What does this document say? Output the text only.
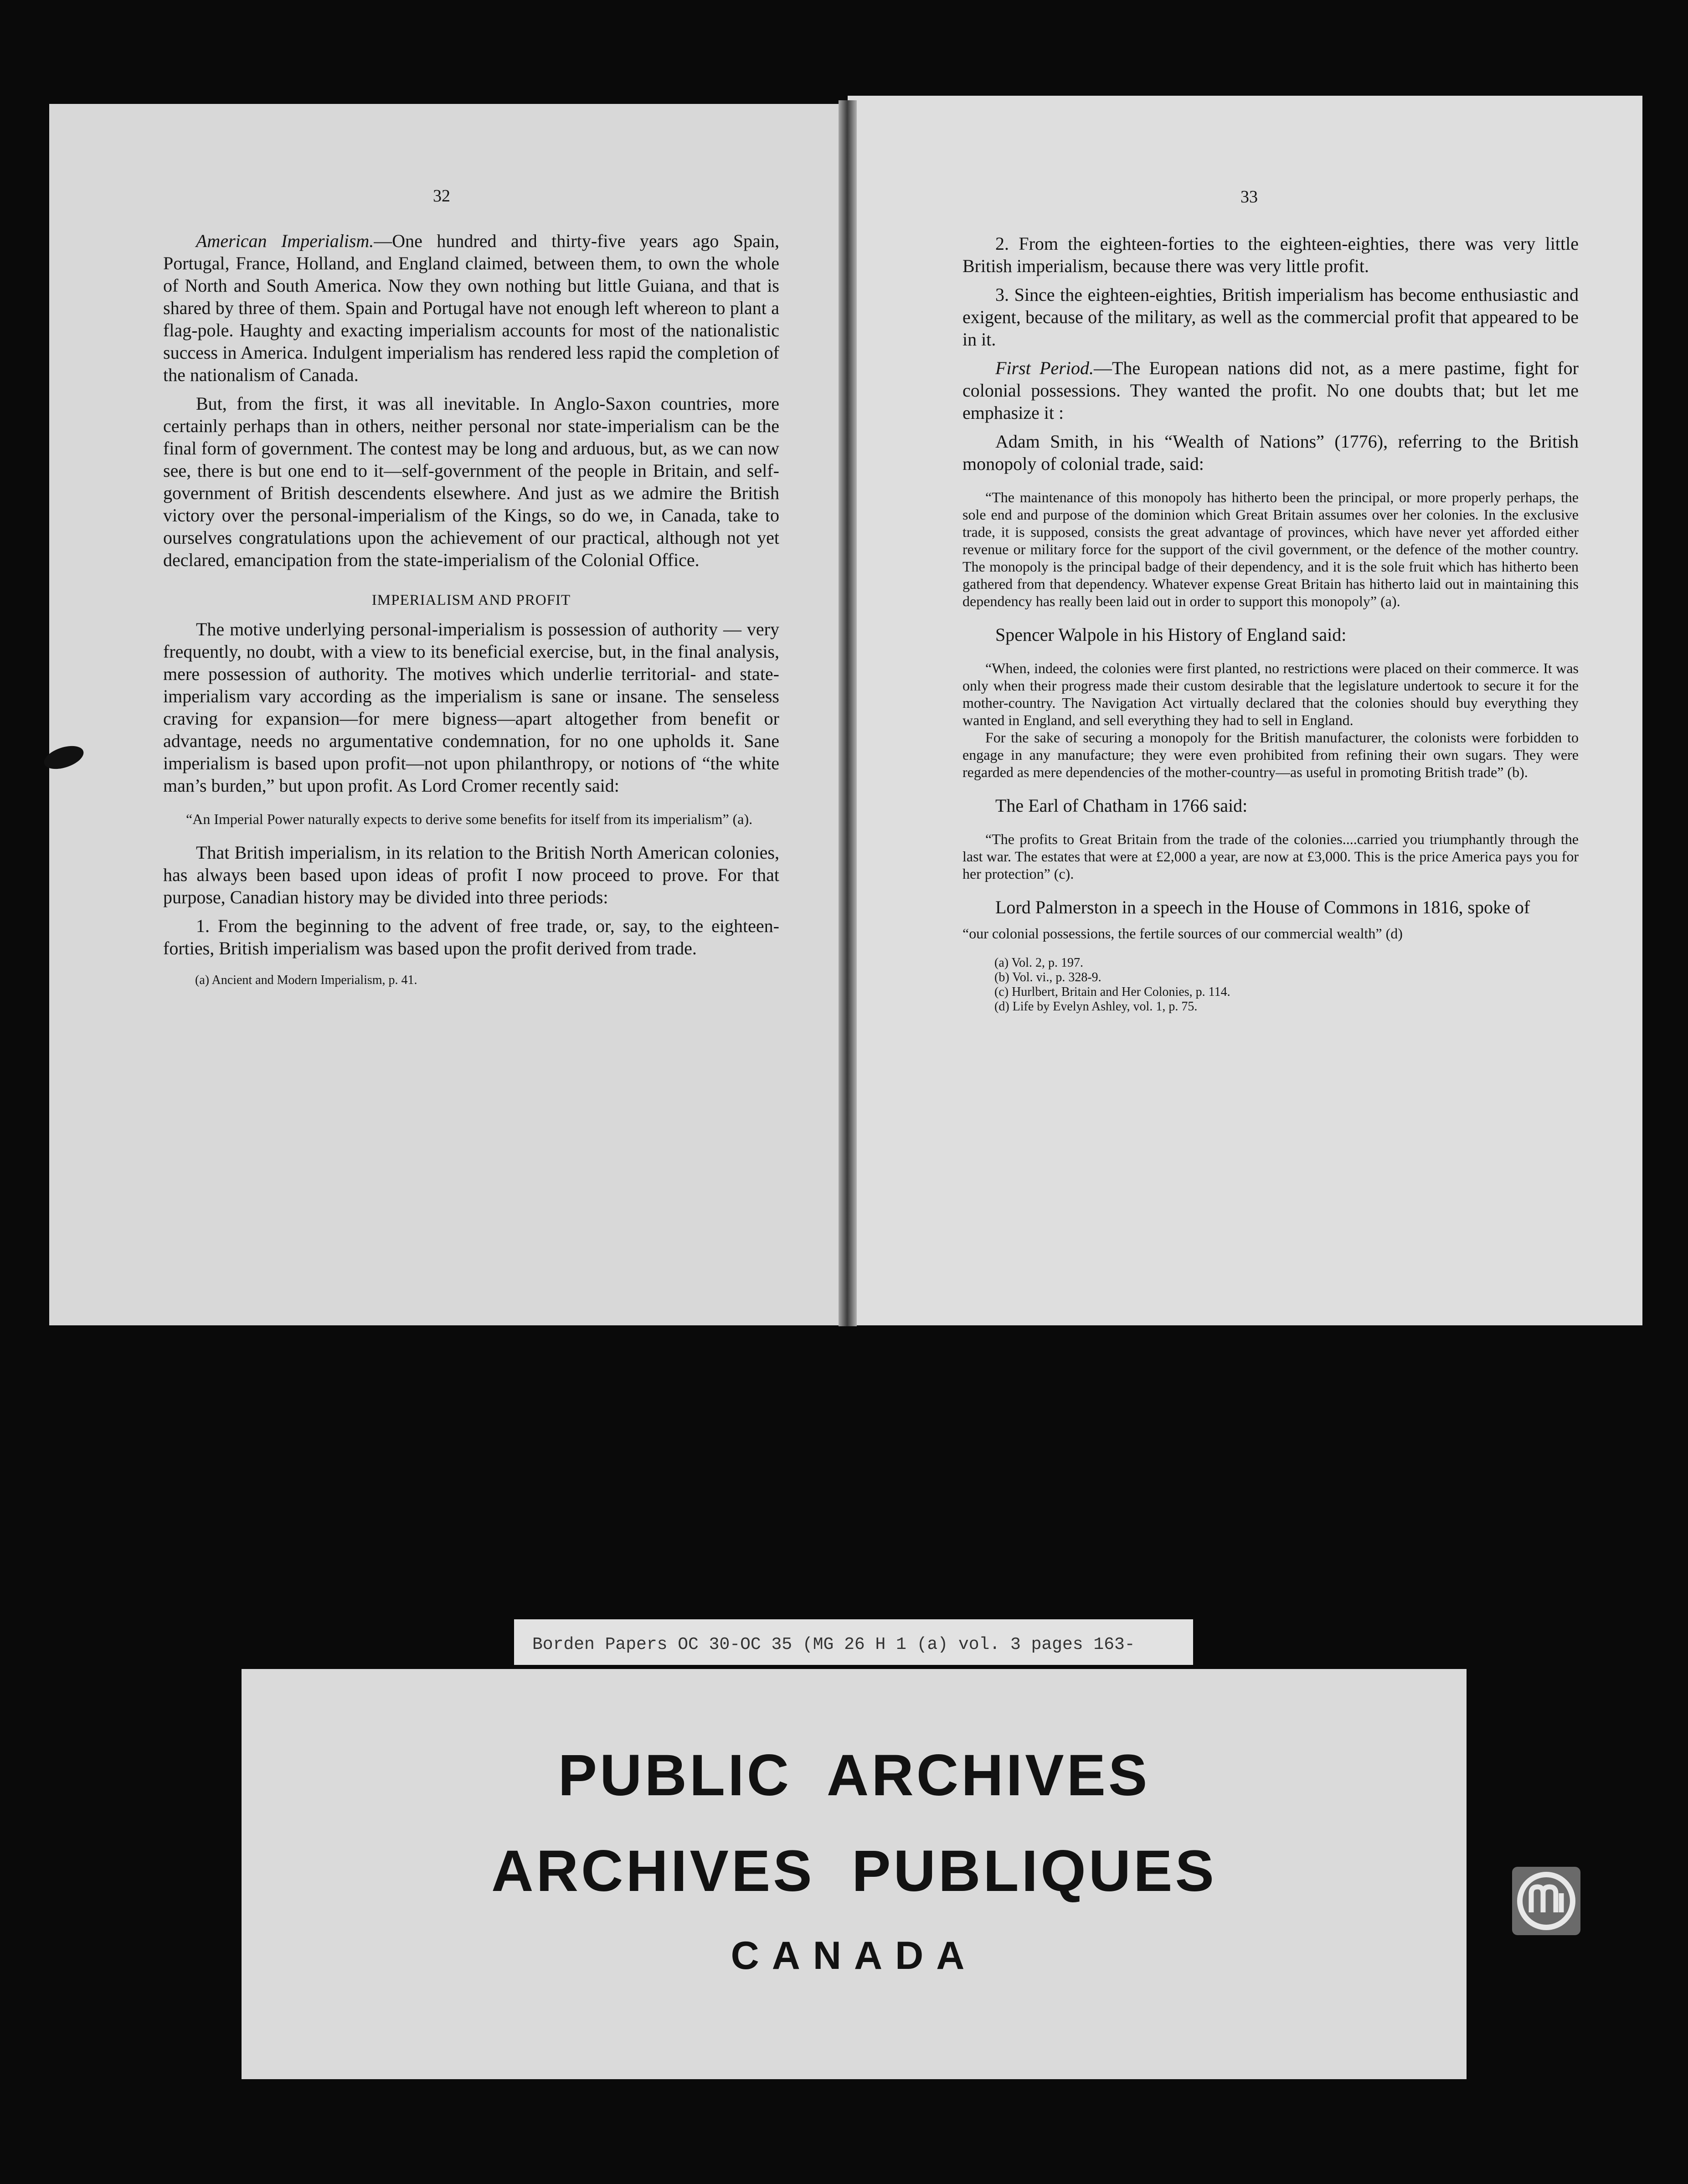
32

American Imperialism.—One hundred and thirty-five years ago Spain, Portugal, France, Holland, and England claimed, between them, to own the whole of North and South America. Now they own nothing but little Guiana, and that is shared by three of them. Spain and Portugal have not enough left whereon to plant a flag-pole. Haughty and exacting imperialism accounts for most of the nationalistic success in America. Indulgent imperialism has rendered less rapid the completion of the nationalism of Canada.

But, from the first, it was all inevitable. In Anglo-Saxon countries, more certainly perhaps than in others, neither personal nor state-imperialism can be the final form of government. The contest may be long and arduous, but, as we can now see, there is but one end to it—self-government of the people in Britain, and self-government of British descendents elsewhere. And just as we admire the British victory over the personal-imperialism of the Kings, so do we, in Canada, take to ourselves congratulations upon the achievement of our practical, although not yet declared, emancipation from the state-imperialism of the Colonial Office.

IMPERIALISM AND PROFIT

The motive underlying personal-imperialism is possession of authority — very frequently, no doubt, with a view to its beneficial exercise, but, in the final analysis, mere possession of authority. The motives which underlie territorial- and state-imperialism vary according as the imperialism is sane or insane. The senseless craving for expansion—for mere bigness—apart altogether from benefit or advantage, needs no argumentative condemnation, for no one upholds it. Sane imperialism is based upon profit—not upon philanthropy, or notions of “the white man’s burden,” but upon profit. As Lord Cromer recently said:

“An Imperial Power naturally expects to derive some benefits for itself from its imperialism” (a).

That British imperialism, in its relation to the British North American colonies, has always been based upon ideas of profit I now proceed to prove. For that purpose, Canadian history may be divided into three periods:

1. From the beginning to the advent of free trade, or, say, to the eighteen-forties, British imperialism was based upon the profit derived from trade.

(a) Ancient and Modern Imperialism, p. 41.
33

2. From the eighteen-forties to the eighteen-eighties, there was very little British imperialism, because there was very little profit.

3. Since the eighteen-eighties, British imperialism has become enthusiastic and exigent, because of the military, as well as the commercial profit that appeared to be in it.

First Period.—The European nations did not, as a mere pastime, fight for colonial possessions. They wanted the profit. No one doubts that; but let me emphasize it :

Adam Smith, in his “Wealth of Nations” (1776), referring to the British monopoly of colonial trade, said:

“The maintenance of this monopoly has hitherto been the principal, or more properly perhaps, the sole end and purpose of the dominion which Great Britain assumes over her colonies. In the exclusive trade, it is supposed, consists the great advantage of provinces, which have never yet afforded either revenue or military force for the support of the civil government, or the defence of the mother country. The monopoly is the principal badge of their dependency, and it is the sole fruit which has hitherto been gathered from that dependency. Whatever expense Great Britain has hitherto laid out in maintaining this dependency has really been laid out in order to support this monopoly” (a).

Spencer Walpole in his History of England said:

“When, indeed, the colonies were first planted, no restrictions were placed on their commerce. It was only when their progress made their custom desirable that the legislature undertook to secure it for the mother-country. The Navigation Act virtually declared that the colonies should buy everything they wanted in England, and sell everything they had to sell in England.

For the sake of securing a monopoly for the British manufacturer, the colonists were forbidden to engage in any manufacture; they were even prohibited from refining their own sugars. They were regarded as mere dependencies of the mother-country—as useful in promoting British trade” (b).

The Earl of Chatham in 1766 said:

“The profits to Great Britain from the trade of the colonies....carried you triumphantly through the last war. The estates that were at £2,000 a year, are now at £3,000. This is the price America pays you for her protection” (c).

Lord Palmerston in a speech in the House of Commons in 1816, spoke of

“our colonial possessions, the fertile sources of our commercial wealth” (d)

(a) Vol. 2, p. 197.
(b) Vol. vi., p. 328-9.
(c) Hurlbert, Britain and Her Colonies, p. 114.
(d) Life by Evelyn Ashley, vol. 1, p. 75.
Borden Papers OC 30-OC 35 (MG 26 H 1 (a) vol. 3 pages 163-
PUBLIC ARCHIVES
ARCHIVES PUBLIQUES
CANADA
